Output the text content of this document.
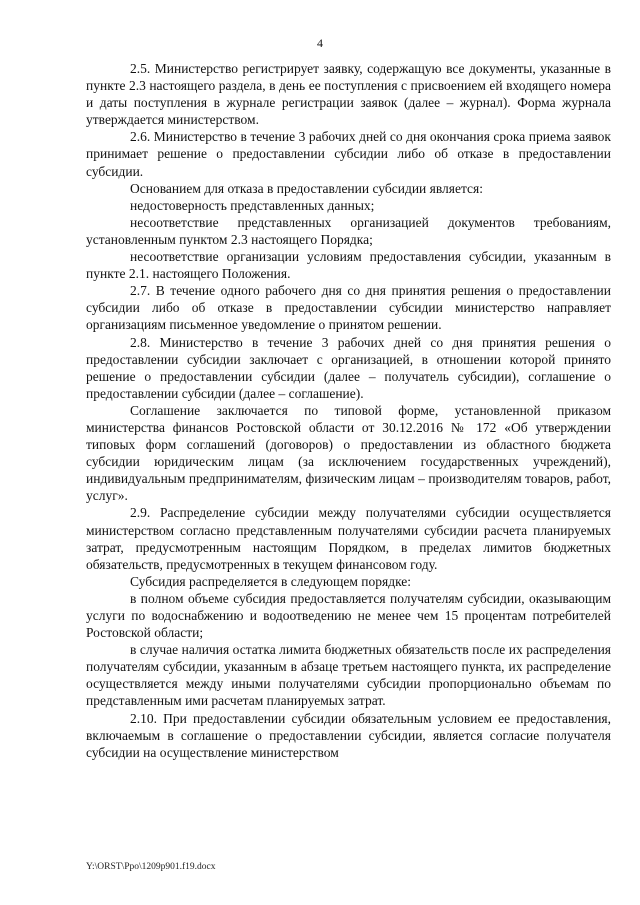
4

2.5. Министерство регистрирует заявку, содержащую все документы, указанные в пункте 2.3 настоящего раздела, в день ее поступления с присвоением ей входящего номера и даты поступления в журнале регистрации заявок (далее – журнал). Форма журнала утверждается министерством.

2.6. Министерство в течение 3 рабочих дней со дня окончания срока приема заявок принимает решение о предоставлении субсидии либо об отказе в предоставлении субсидии.

Основанием для отказа в предоставлении субсидии является:

недостоверность представленных данных;

несоответствие представленных организацией документов требованиям, установленным пунктом 2.3 настоящего Порядка;

несоответствие организации условиям предоставления субсидии, указанным в пункте 2.1. настоящего Положения.

2.7. В течение одного рабочего дня со дня принятия решения о предоставлении субсидии либо об отказе в предоставлении субсидии министерство направляет организациям письменное уведомление о принятом решении.

2.8. Министерство в течение 3 рабочих дней со дня принятия решения о предоставлении субсидии заключает с организацией, в отношении которой принято решение о предоставлении субсидии (далее – получатель субсидии), соглашение о предоставлении субсидии (далее – соглашение).

Соглашение заключается по типовой форме, установленной приказом министерства финансов Ростовской области от 30.12.2016 № 172 «Об утверждении типовых форм соглашений (договоров) о предоставлении из областного бюджета субсидии юридическим лицам (за исключением государственных учреждений), индивидуальным предпринимателям, физическим лицам – производителям товаров, работ, услуг».

2.9. Распределение субсидии между получателями субсидии осуществляется министерством согласно представленным получателями субсидии расчета планируемых затрат, предусмотренным настоящим Порядком, в пределах лимитов бюджетных обязательств, предусмотренных в текущем финансовом году.

Субсидия распределяется в следующем порядке:

в полном объеме субсидия предоставляется получателям субсидии, оказывающим услуги по водоснабжению и водоотведению не менее чем 15 процентам потребителей Ростовской области;

в случае наличия остатка лимита бюджетных обязательств после их распределения получателям субсидии, указанным в абзаце третьем настоящего пункта, их распределение осуществляется между иными получателями субсидии пропорционально объемам по представленным ими расчетам планируемых затрат.

2.10. При предоставлении субсидии обязательным условием ее предоставления, включаемым в соглашение о предоставлении субсидии, является согласие получателя субсидии на осуществление министерством

Y:\ORST\Ppo\1209p901.f19.docx
